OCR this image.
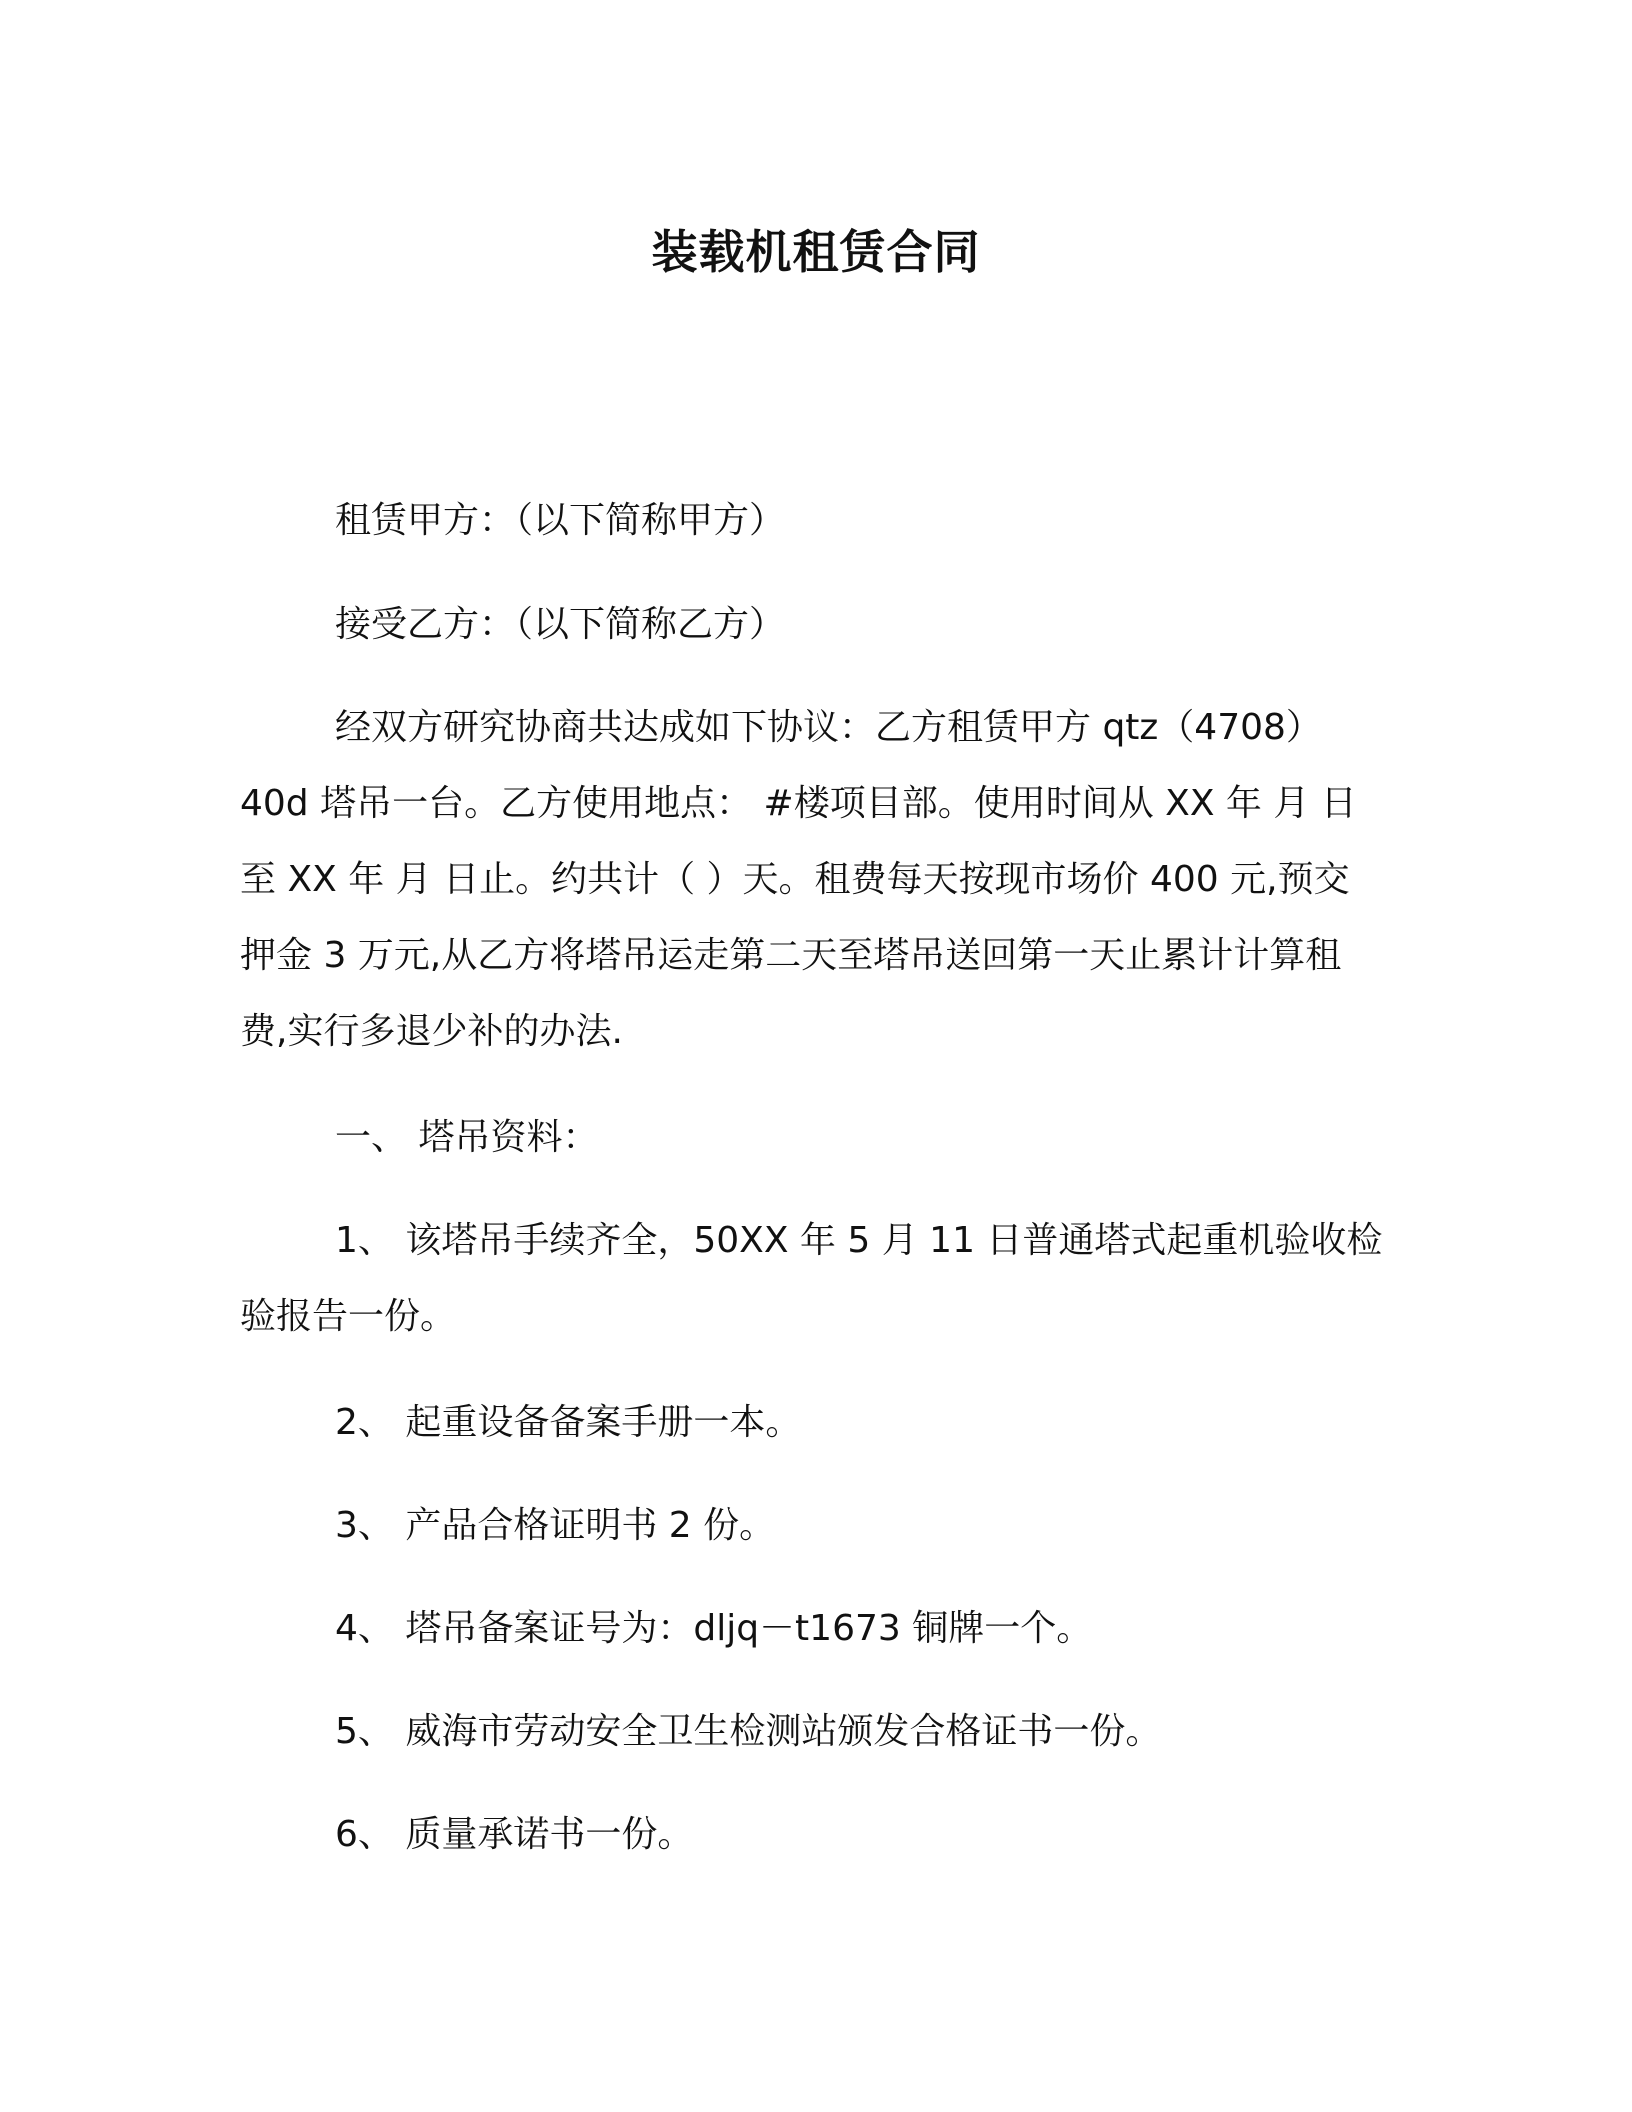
装载机租赁合同

租赁甲方：（以下简称甲方）

接受乙方：（以下简称乙方）

经双方研究协商共达成如下协议：乙方租赁甲方 qtz（4708）
40d 塔吊一台。乙方使用地点： #楼项目部。使用时间从 XX 年 月 日
至 XX 年 月 日止。约共计（ ）天。租费每天按现市场价 400 元,预交
押金 3 万元,从乙方将塔吊运走第二天至塔吊送回第一天止累计计算租
费,实行多退少补的办法.

一、 塔吊资料：

1、 该塔吊手续齐全，50XX 年 5 月 11 日普通塔式起重机验收检
验报告一份。

2、 起重设备备案手册一本。

3、 产品合格证明书 2 份。

4、 塔吊备案证号为：dljq－t1673 铜牌一个。

5、 威海市劳动安全卫生检测站颁发合格证书一份。

6、 质量承诺书一份。
